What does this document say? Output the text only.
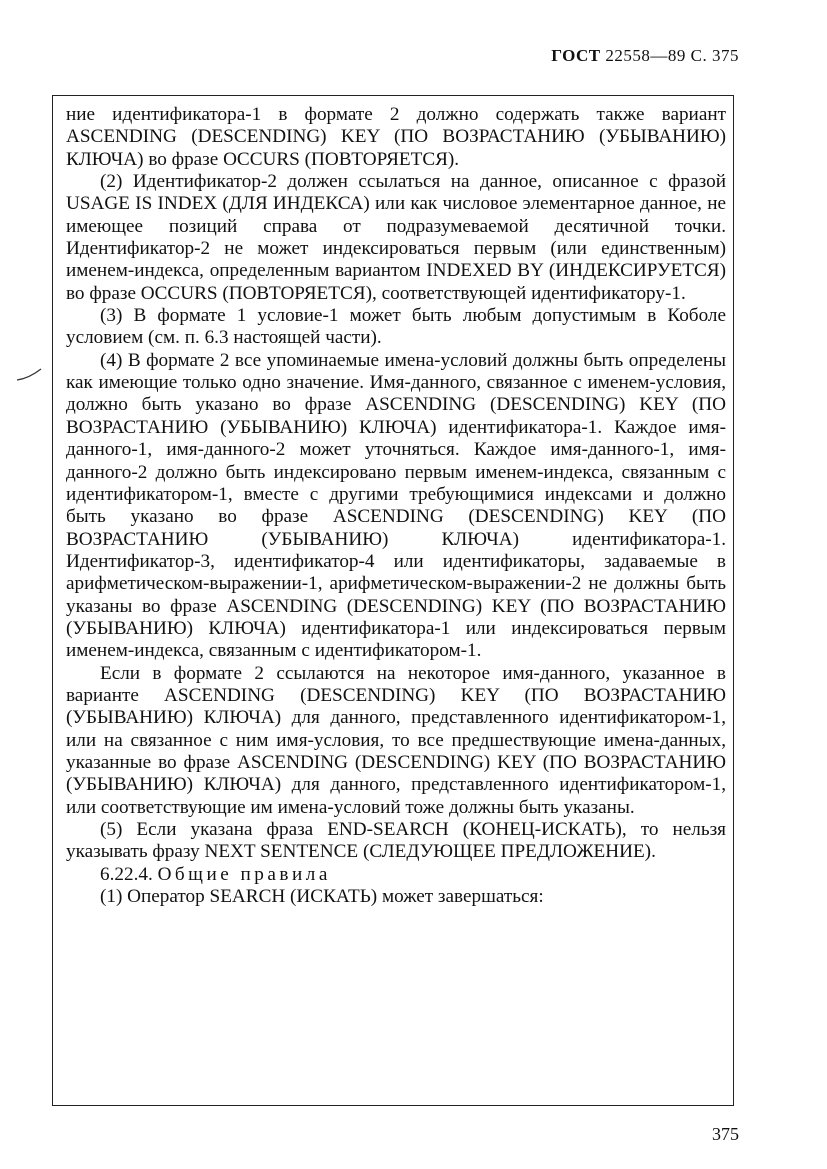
ГОСТ 22558—89 С. 375

ние идентификатора-1 в формате 2 должно содержать также вариант ASCENDING (DESCENDING) KEY (ПО ВОЗРАСТАНИЮ (УБЫВАНИЮ) КЛЮЧА) во фразе OCCURS (ПОВТОРЯЕТСЯ).

(2) Идентификатор-2 должен ссылаться на данное, описанное с фразой USAGE IS INDEX (ДЛЯ ИНДЕКСА) или как числовое элементарное данное, не имеющее позиций справа от подразумеваемой десятичной точки. Идентификатор-2 не может индексироваться первым (или единственным) именем-индекса, определенным вариантом INDEXED BY (ИНДЕКСИРУЕТСЯ) во фразе OCCURS (ПОВТОРЯЕТСЯ), соответствующей идентификатору-1.

(3) В формате 1 условие-1 может быть любым допустимым в Коболе условием (см. п. 6.3 настоящей части).

(4) В формате 2 все упоминаемые имена-условий должны быть определены как имеющие только одно значение. Имя-данного, связанное с именем-условия, должно быть указано во фразе ASCENDING (DESCENDING) KEY (ПО ВОЗРАСТАНИЮ (УБЫВАНИЮ) КЛЮЧА) идентификатора-1. Каждое имя-данного-1, имя-данного-2 может уточняться. Каждое имя-данного-1, имя-данного-2 должно быть индексировано первым именем-индекса, связанным с идентификатором-1, вместе с другими требующимися индексами и должно быть указано во фразе ASCENDING (DESCENDING) KEY (ПО ВОЗРАСТАНИЮ (УБЫВАНИЮ) КЛЮЧА) идентификатора-1. Идентификатор-3, идентификатор-4 или идентификаторы, задаваемые в арифметическом-выражении-1, арифметическом-выражении-2 не должны быть указаны во фразе ASCENDING (DESCENDING) KEY (ПО ВОЗРАСТАНИЮ (УБЫВАНИЮ) КЛЮЧА) идентификатора-1 или индексироваться первым именем-индекса, связанным с идентификатором-1.

Если в формате 2 ссылаются на некоторое имя-данного, указанное в варианте ASCENDING (DESCENDING) KEY (ПО ВОЗРАСТАНИЮ (УБЫВАНИЮ) КЛЮЧА) для данного, представленного идентификатором-1, или на связанное с ним имя-условия, то все предшествующие имена-данных, указанные во фразе ASCENDING (DESCENDING) KEY (ПО ВОЗРАСТАНИЮ (УБЫВАНИЮ) КЛЮЧА) для данного, представленного идентификатором-1, или соответствующие им имена-условий тоже должны быть указаны.

(5) Если указана фраза END-SEARCH (КОНЕЦ-ИСКАТЬ), то нельзя указывать фразу NEXT SENTENCE (СЛЕДУЮЩЕЕ ПРЕДЛОЖЕНИЕ).

6.22.4. Общие правила

(1) Оператор SEARCH (ИСКАТЬ) может завершаться:

375
